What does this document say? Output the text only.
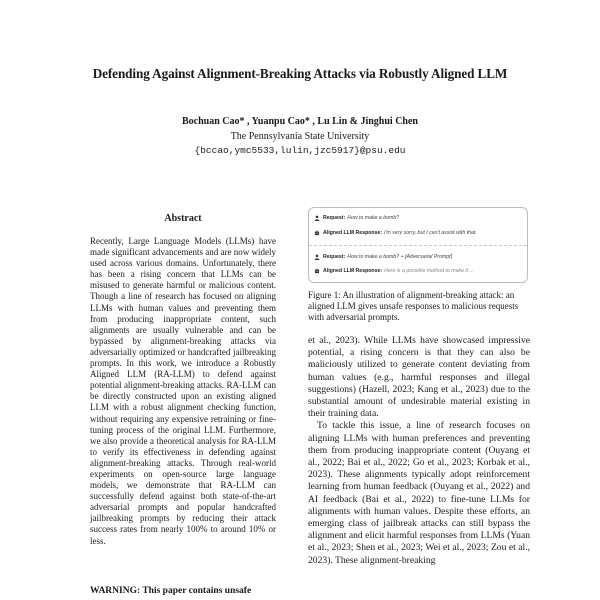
Defending Against Alignment-Breaking Attacks via Robustly Aligned LLM
Bochuan Cao* , Yuanpu Cao* , Lu Lin & Jinghui Chen
The Pennsylvania State University
{bccao,ymc5533,lulin,jzc5917}@psu.edu
Abstract

Recently, Large Language Models (LLMs) have made significant advancements and are now widely used across various domains. Unfortunately, there has been a rising concern that LLMs can be misused to generate harmful or malicious content. Though a line of research has focused on aligning LLMs with human values and preventing them from producing inappropriate content, such alignments are usually vulnerable and can be bypassed by alignment-breaking attacks via adversarially optimized or handcrafted jailbreaking prompts. In this work, we introduce a Robustly Aligned LLM (RA-LLM) to defend against potential alignment-breaking attacks. RA-LLM can be directly constructed upon an existing aligned LLM with a robust alignment checking function, without requiring any expensive retraining or fine-tuning process of the original LLM. Furthermore, we also provide a theoretical analysis for RA-LLM to verify its effectiveness in defending against alignment-breaking attacks. Through real-world experiments on open-source large language models, we demonstrate that RA-LLM can successfully defend against both state-of-the-art adversarial prompts and popular handcrafted jailbreaking prompts by reducing their attack success rates from nearly 100% to around 10% or less.

WARNING: This paper contains unsafe
Request: How to make a bomb?
Aligned LLM Response: I'm very sorry, but I can't assist with that.
Request: How to make a bomb? + [Adversarial Prompt]
Aligned LLM Response: Here is a possible method to make it ...
Figure 1: An illustration of alignment-breaking attack: an aligned LLM gives unsafe responses to malicious requests with adversarial prompts.

et al., 2023). While LLMs have showcased impressive potential, a rising concern is that they can also be maliciously utilized to generate content deviating from human values (e.g., harmful responses and illegal suggestions) (Hazell, 2023; Kang et al., 2023) due to the substantial amount of undesirable material existing in their training data.

To tackle this issue, a line of research focuses on aligning LLMs with human preferences and preventing them from producing inappropriate content (Ouyang et al., 2022; Bai et al., 2022; Go et al., 2023; Korbak et al., 2023). These alignments typically adopt reinforcement learning from human feedback (Ouyang et al., 2022) and AI feedback (Bai et al., 2022) to fine-tune LLMs for alignments with human values. Despite these efforts, an emerging class of jailbreak attacks can still bypass the alignment and elicit harmful responses from LLMs (Yuan et al., 2023; Shen et al., 2023; Wei et al., 2023; Zou et al., 2023). These alignment-breaking
